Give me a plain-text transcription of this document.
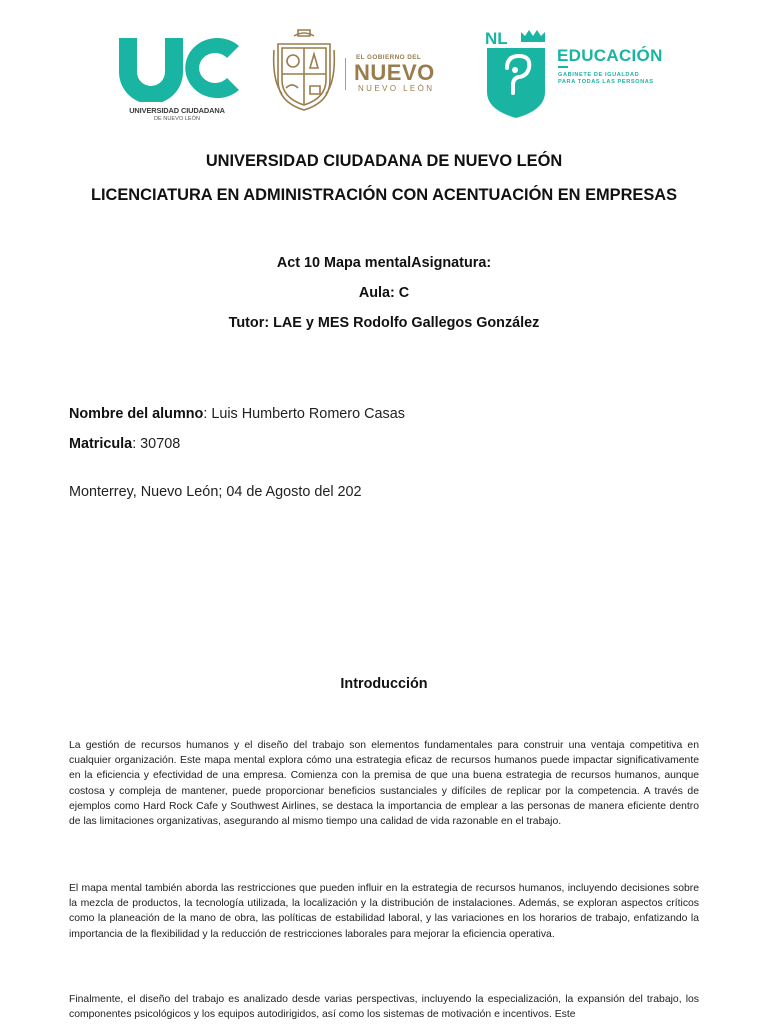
UNIVERSIDAD CIUDADANA
DE NUEVO LEÓN
EL GOBIERNO DEL
NUEVO
NUEVO LEÓN
NL
EDUCACIÓN
GABINETE DE IGUALDAD
PARA TODAS LAS PERSONAS
UNIVERSIDAD CIUDADANA DE NUEVO LEÓN
LICENCIATURA EN ADMINISTRACIÓN CON ACENTUACIÓN EN EMPRESAS
Act 10 Mapa mentalAsignatura:
Aula: C
Tutor: LAE y MES Rodolfo Gallegos González
Nombre del alumno: Luis Humberto Romero Casas
Matricula: 30708
Monterrey, Nuevo León; 04 de Agosto del 202
Introducción

La gestión de recursos humanos y el diseño del trabajo son elementos fundamentales para construir una ventaja competitiva en cualquier organización. Este mapa mental explora cómo una estrategia eficaz de recursos humanos puede impactar significativamente en la eficiencia y efectividad de una empresa. Comienza con la premisa de que una buena estrategia de recursos humanos, aunque costosa y compleja de mantener, puede proporcionar beneficios sustanciales y difíciles de replicar por la competencia. A través de ejemplos como Hard Rock Cafe y Southwest Airlines, se destaca la importancia de emplear a las personas de manera eficiente dentro de las limitaciones organizativas, asegurando al mismo tiempo una calidad de vida razonable en el trabajo.

El mapa mental también aborda las restricciones que pueden influir en la estrategia de recursos humanos, incluyendo decisiones sobre la mezcla de productos, la tecnología utilizada, la localización y la distribución de instalaciones. Además, se exploran aspectos críticos como la planeación de la mano de obra, las políticas de estabilidad laboral, y las variaciones en los horarios de trabajo, enfatizando la importancia de la flexibilidad y la reducción de restricciones laborales para mejorar la eficiencia operativa.

Finalmente, el diseño del trabajo es analizado desde varias perspectivas, incluyendo la especialización, la expansión del trabajo, los componentes psicológicos y los equipos autodirigidos, así como los sistemas de motivación e incentivos. Este
